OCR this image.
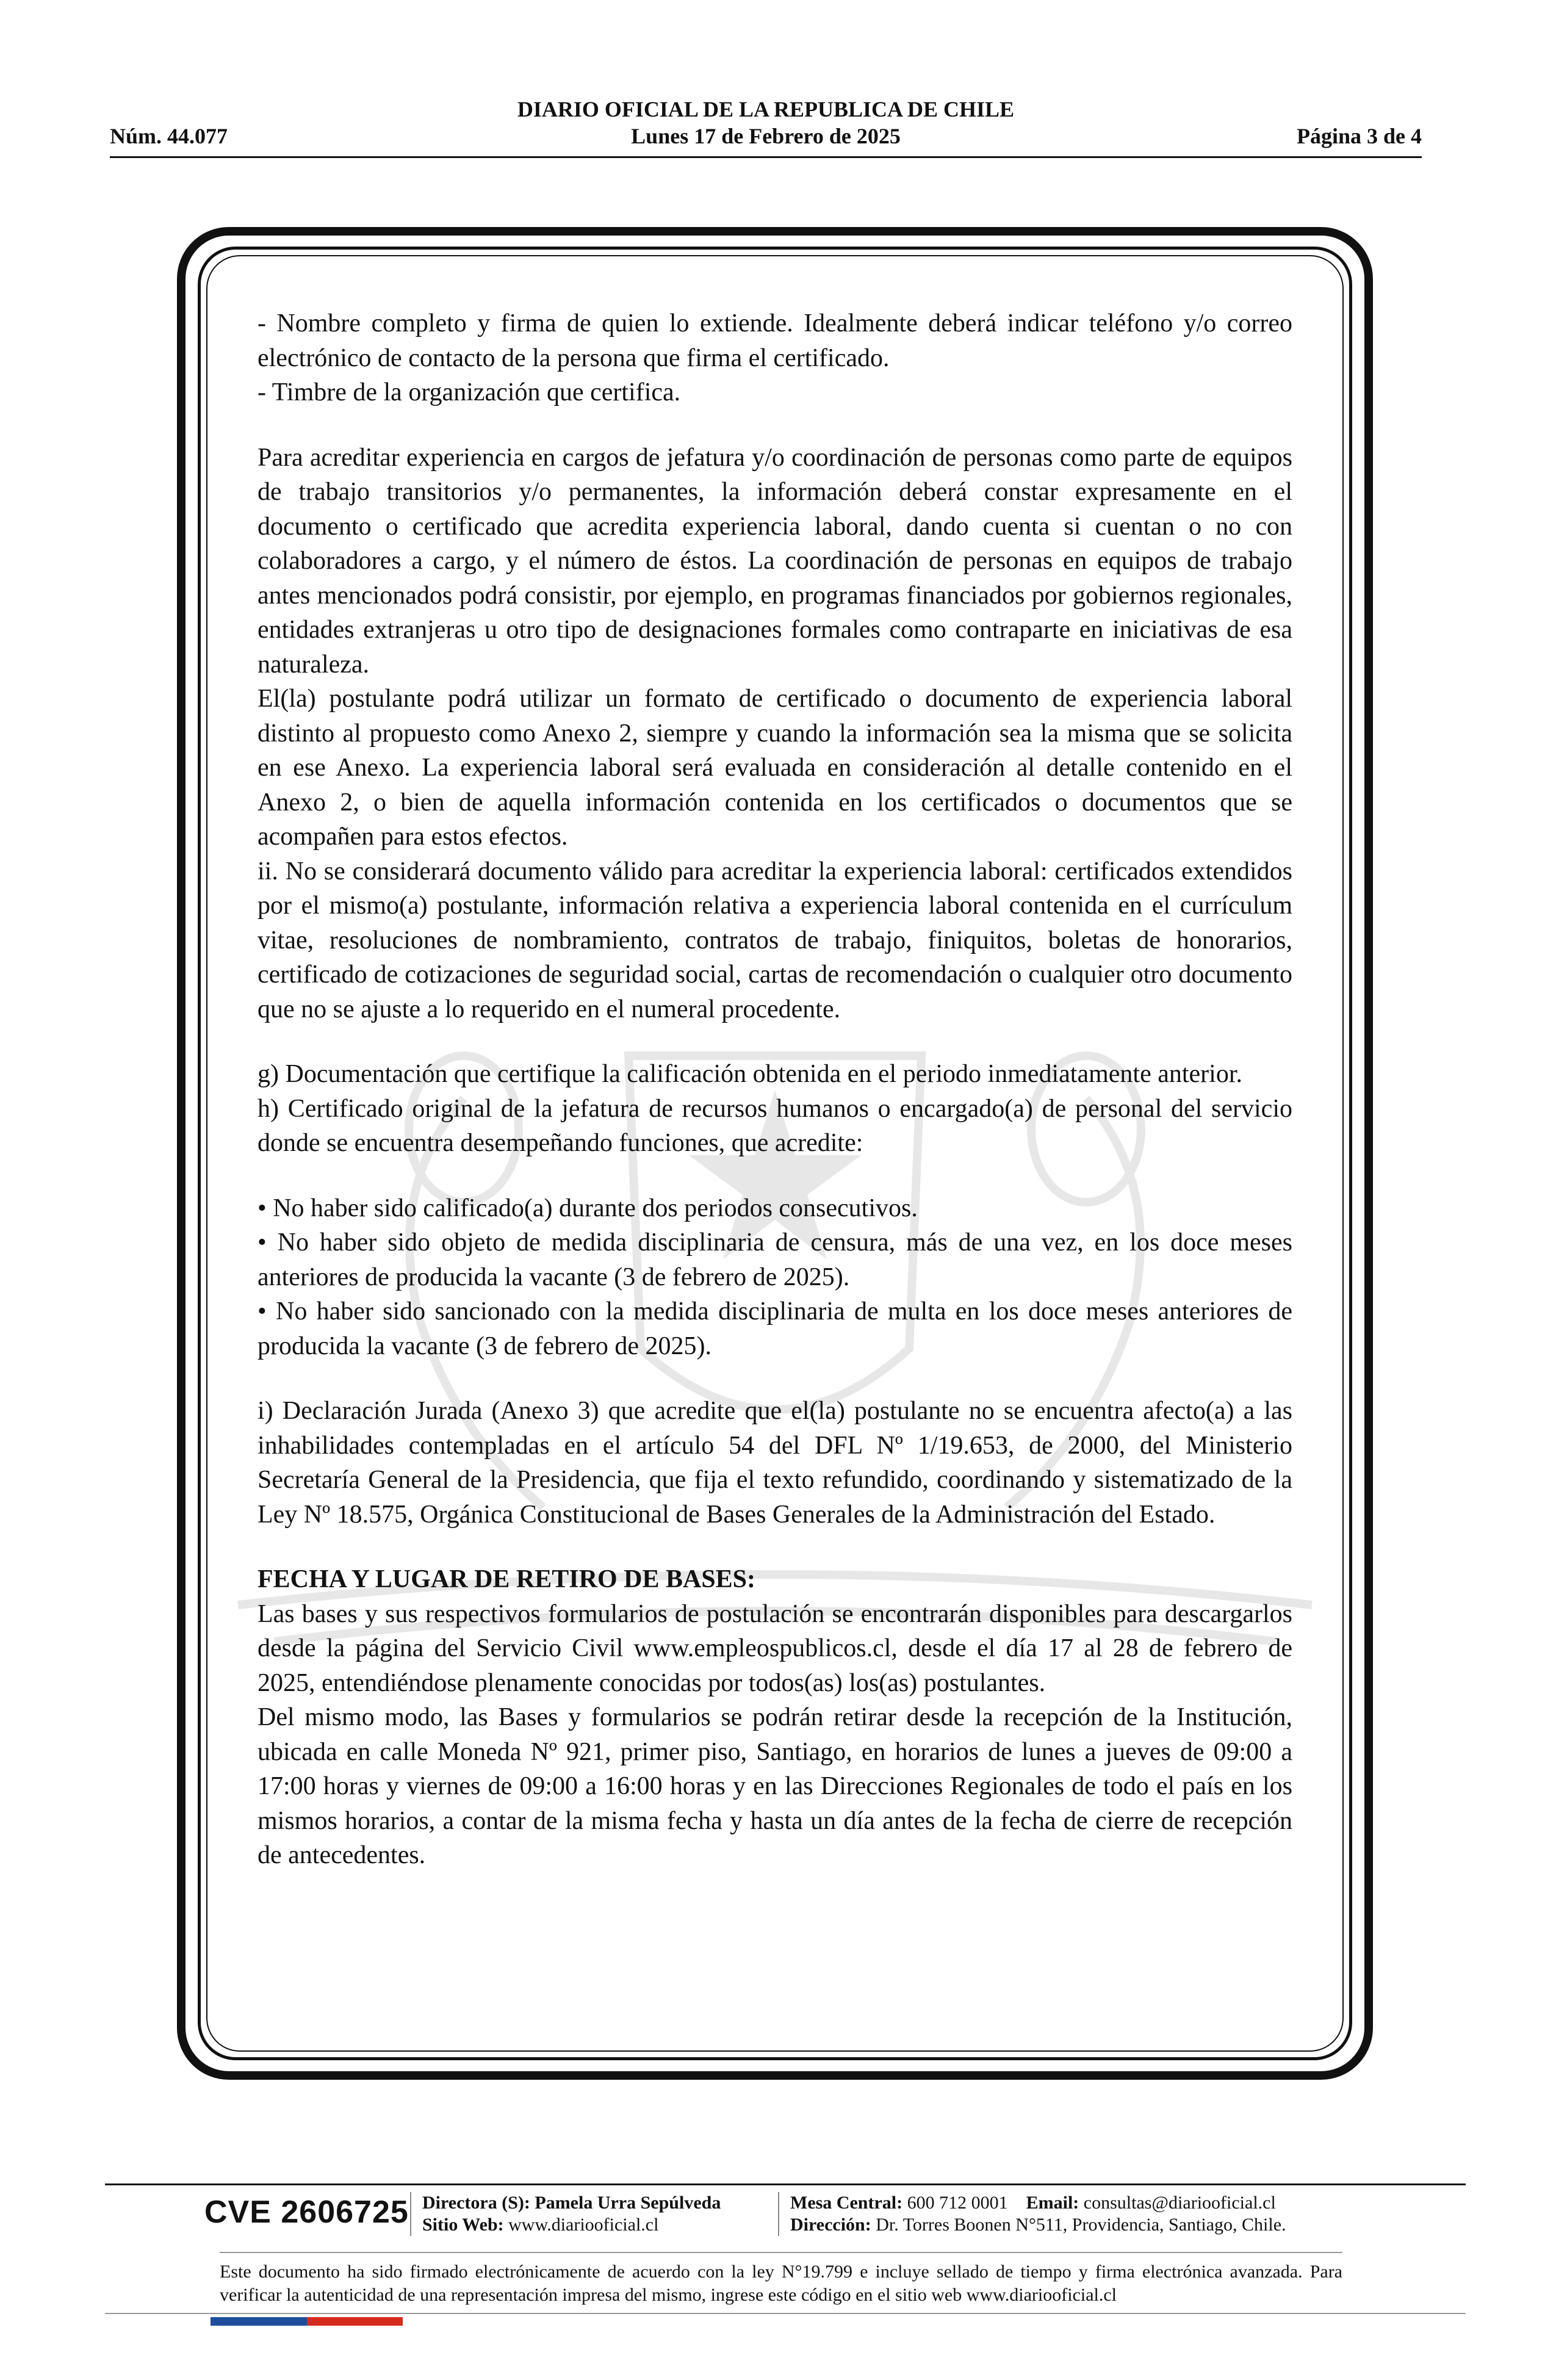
DIARIO OFICIAL DE LA REPUBLICA DE CHILE
Núm. 44.077	Lunes 17 de Febrero de 2025	Página 3 de 4

- Nombre completo y firma de quien lo extiende. Idealmente deberá indicar teléfono y/o correo electrónico de contacto de la persona que firma el certificado.

- Timbre de la organización que certifica.

Para acreditar experiencia en cargos de jefatura y/o coordinación de personas como parte de equipos de trabajo transitorios y/o permanentes, la información deberá constar expresamente en el documento o certificado que acredita experiencia laboral, dando cuenta si cuentan o no con colaboradores a cargo, y el número de éstos. La coordinación de personas en equipos de trabajo antes mencionados podrá consistir, por ejemplo, en programas financiados por gobiernos regionales, entidades extranjeras u otro tipo de designaciones formales como contraparte en iniciativas de esa naturaleza.

El(la) postulante podrá utilizar un formato de certificado o documento de experiencia laboral distinto al propuesto como Anexo 2, siempre y cuando la información sea la misma que se solicita en ese Anexo. La experiencia laboral será evaluada en consideración al detalle contenido en el Anexo 2, o bien de aquella información contenida en los certificados o documentos que se acompañen para estos efectos.

ii. No se considerará documento válido para acreditar la experiencia laboral: certificados extendidos por el mismo(a) postulante, información relativa a experiencia laboral contenida en el currículum vitae, resoluciones de nombramiento, contratos de trabajo, finiquitos, boletas de honorarios, certificado de cotizaciones de seguridad social, cartas de recomendación o cualquier otro documento que no se ajuste a lo requerido en el numeral procedente.

g) Documentación que certifique la calificación obtenida en el periodo inmediatamente anterior.

h) Certificado original de la jefatura de recursos humanos o encargado(a) de personal del servicio donde se encuentra desempeñando funciones, que acredite:

• No haber sido calificado(a) durante dos periodos consecutivos.

• No haber sido objeto de medida disciplinaria de censura, más de una vez, en los doce meses anteriores de producida la vacante (3 de febrero de 2025).

• No haber sido sancionado con la medida disciplinaria de multa en los doce meses anteriores de producida la vacante (3 de febrero de 2025).

i) Declaración Jurada (Anexo 3) que acredite que el(la) postulante no se encuentra afecto(a) a las inhabilidades contempladas en el artículo 54 del DFL Nº 1/19.653, de 2000, del Ministerio Secretaría General de la Presidencia, que fija el texto refundido, coordinando y sistematizado de la Ley Nº 18.575, Orgánica Constitucional de Bases Generales de la Administración del Estado.

FECHA Y LUGAR DE RETIRO DE BASES:

Las bases y sus respectivos formularios de postulación se encontrarán disponibles para descargarlos desde la página del Servicio Civil www.empleospublicos.cl, desde el día 17 al 28 de febrero de 2025, entendiéndose plenamente conocidas por todos(as) los(as) postulantes.

Del mismo modo, las Bases y formularios se podrán retirar desde la recepción de la Institución, ubicada en calle Moneda Nº 921, primer piso, Santiago, en horarios de lunes a jueves de 09:00 a 17:00 horas y viernes de 09:00 a 16:00 horas y en las Direcciones Regionales de todo el país en los mismos horarios, a contar de la misma fecha y hasta un día antes de la fecha de cierre de recepción de antecedentes.

CVE 2606725 Directora (S): Pamela Urra Sepúlveda
Sitio Web: www.diariooficial.cl
Mesa Central: 600 712 0001 Email: consultas@diariooficial.cl
Dirección: Dr. Torres Boonen N°511, Providencia, Santiago, Chile.
Este documento ha sido firmado electrónicamente de acuerdo con la ley N°19.799 e incluye sellado de tiempo y firma electrónica avanzada. Para verificar la autenticidad de una representación impresa del mismo, ingrese este código en el sitio web www.diariooficial.cl
